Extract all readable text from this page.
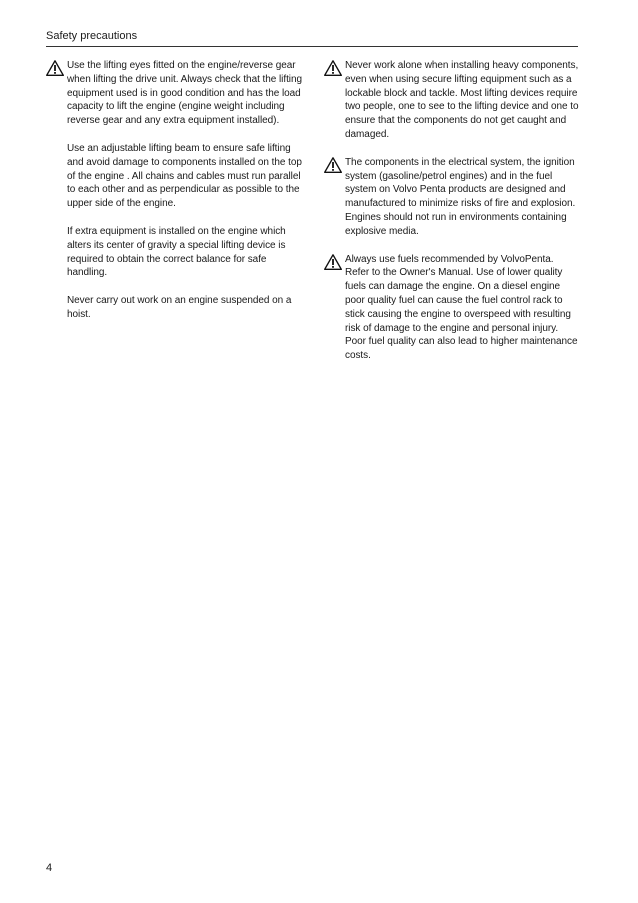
Safety precautions

Use the lifting eyes fitted on the engine/reverse gear when lifting the drive unit. Always check that the lifting equipment used is in good condition and has the load capacity to lift the engine (engine weight including reverse gear and any extra equipment installed).

Use an adjustable lifting beam to ensure safe lifting and avoid damage to components installed on the top of the engine . All chains and cables must run parallel to each other and as perpendicular as possible to the upper side of the engine.

If extra equipment is installed on the engine which alters its center of gravity a special lifting device is required to obtain the correct balance for safe handling.

Never carry out work on an engine suspended on a hoist.

Never work alone when installing heavy components, even when using secure lifting equipment such as a lockable block and tackle. Most lifting devices require two people, one to see to the lifting device and one to ensure that the components do not get caught and damaged.

The components in the electrical system, the ignition system (gasoline/petrol engines) and in the fuel system on Volvo Penta products are designed and manufactured to minimize risks of fire and explosion. Engines should not run in environments containing explosive media.

Always use fuels recommended by VolvoPenta. Refer to the Owner's Manual. Use of lower quality fuels can damage the engine. On a diesel engine poor quality fuel can cause the fuel control rack to stick causing the engine to overspeed with resulting risk of damage to the engine and personal injury. Poor fuel quality can also lead to higher maintenance costs.

4
